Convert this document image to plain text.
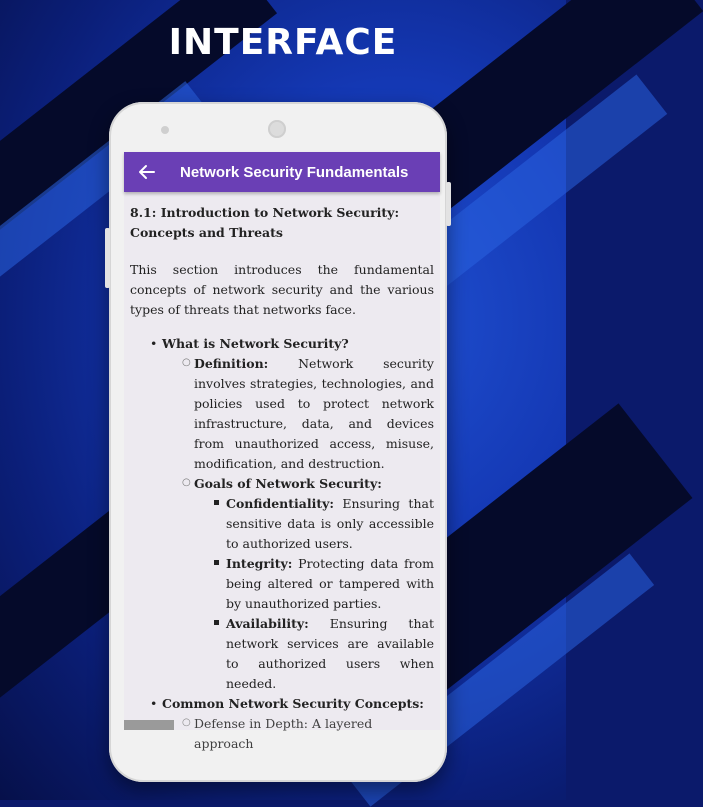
INTERFACE
Network Security Fundamentals
8.1: Introduction to Network Security: Concepts and Threats
This section introduces the fundamental concepts of network security and the various types of threats that networks face.
• What is Network Security?
○ Definition: Network security involves strategies, technologies, and policies used to protect network infrastructure, data, and devices from unauthorized access, misuse, modification, and destruction.
○ Goals of Network Security:
Confidentiality: Ensuring that sensitive data is only accessible to authorized users.
Integrity: Protecting data from being altered or tampered with by unauthorized parties.
Availability: Ensuring that network services are available to authorized users when needed.
• Common Network Security Concepts:
○ Defense in Depth: A layered approach
